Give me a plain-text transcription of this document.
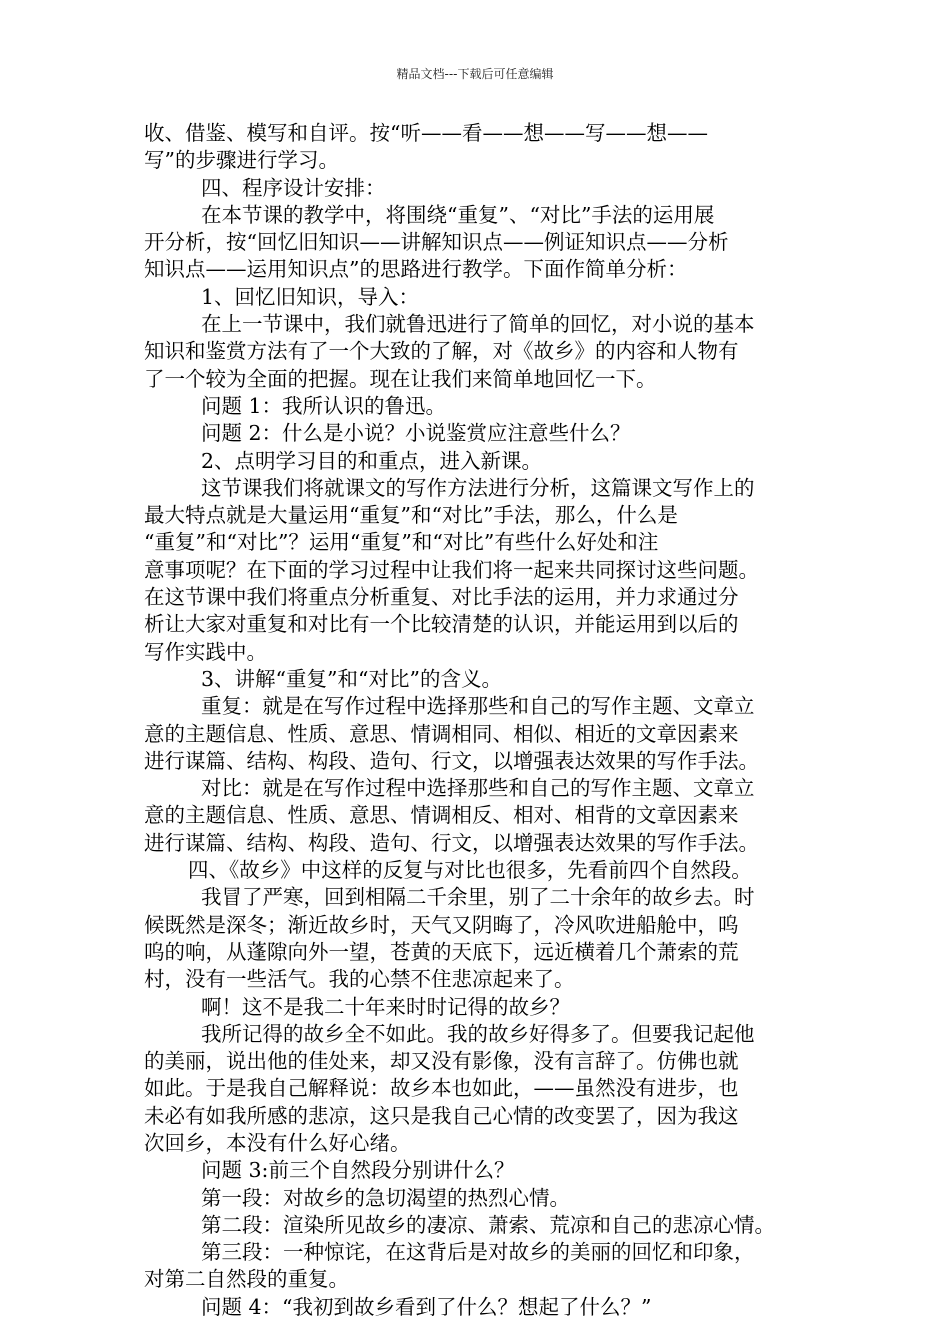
精品文档---下载后可任意编辑
收、借鉴、模写和自评。按“听——看——想——写——想——
写”的步骤进行学习。
四、程序设计安排：
在本节课的教学中，将围绕“重复”、“对比”手法的运用展
开分析，按“回忆旧知识——讲解知识点——例证知识点——分析
知识点——运用知识点”的思路进行教学。下面作简单分析：
1、回忆旧知识，导入：
在上一节课中，我们就鲁迅进行了简单的回忆，对小说的基本
知识和鉴赏方法有了一个大致的了解，对《故乡》的内容和人物有
了一个较为全面的把握。现在让我们来简单地回忆一下。
问题 1：我所认识的鲁迅。
问题 2：什么是小说？小说鉴赏应注意些什么？
2、点明学习目的和重点，进入新课。
这节课我们将就课文的写作方法进行分析，这篇课文写作上的
最大特点就是大量运用“重复”和“对比”手法，那么，什么是
“重复”和“对比”？运用“重复”和“对比”有些什么好处和注
意事项呢？在下面的学习过程中让我们将一起来共同探讨这些问题。
在这节课中我们将重点分析重复、对比手法的运用，并力求通过分
析让大家对重复和对比有一个比较清楚的认识，并能运用到以后的
写作实践中。
3、讲解“重复”和“对比”的含义。
重复：就是在写作过程中选择那些和自己的写作主题、文章立
意的主题信息、性质、意思、情调相同、相似、相近的文章因素来
进行谋篇、结构、构段、造句、行文，以增强表达效果的写作手法。
对比：就是在写作过程中选择那些和自己的写作主题、文章立
意的主题信息、性质、意思、情调相反、相对、相背的文章因素来
进行谋篇、结构、构段、造句、行文，以增强表达效果的写作手法。
四、《故乡》中这样的反复与对比也很多，先看前四个自然段。
我冒了严寒，回到相隔二千余里，别了二十余年的故乡去。时
候既然是深冬；渐近故乡时，天气又阴晦了，冷风吹进船舱中，呜
呜的响，从蓬隙向外一望，苍黄的天底下，远近横着几个萧索的荒
村，没有一些活气。我的心禁不住悲凉起来了。
啊！这不是我二十年来时时记得的故乡？
我所记得的故乡全不如此。我的故乡好得多了。但要我记起他
的美丽，说出他的佳处来，却又没有影像，没有言辞了。仿佛也就
如此。于是我自己解释说：故乡本也如此，——虽然没有进步，也
未必有如我所感的悲凉，这只是我自己心情的改变罢了，因为我这
次回乡，本没有什么好心绪。
问题 3:前三个自然段分别讲什么？
第一段：对故乡的急切渴望的热烈心情。
第二段：渲染所见故乡的凄凉、萧索、荒凉和自己的悲凉心情。
第三段：一种惊诧，在这背后是对故乡的美丽的回忆和印象，
对第二自然段的重复。
问题 4：“我初到故乡看到了什么？想起了什么？”
